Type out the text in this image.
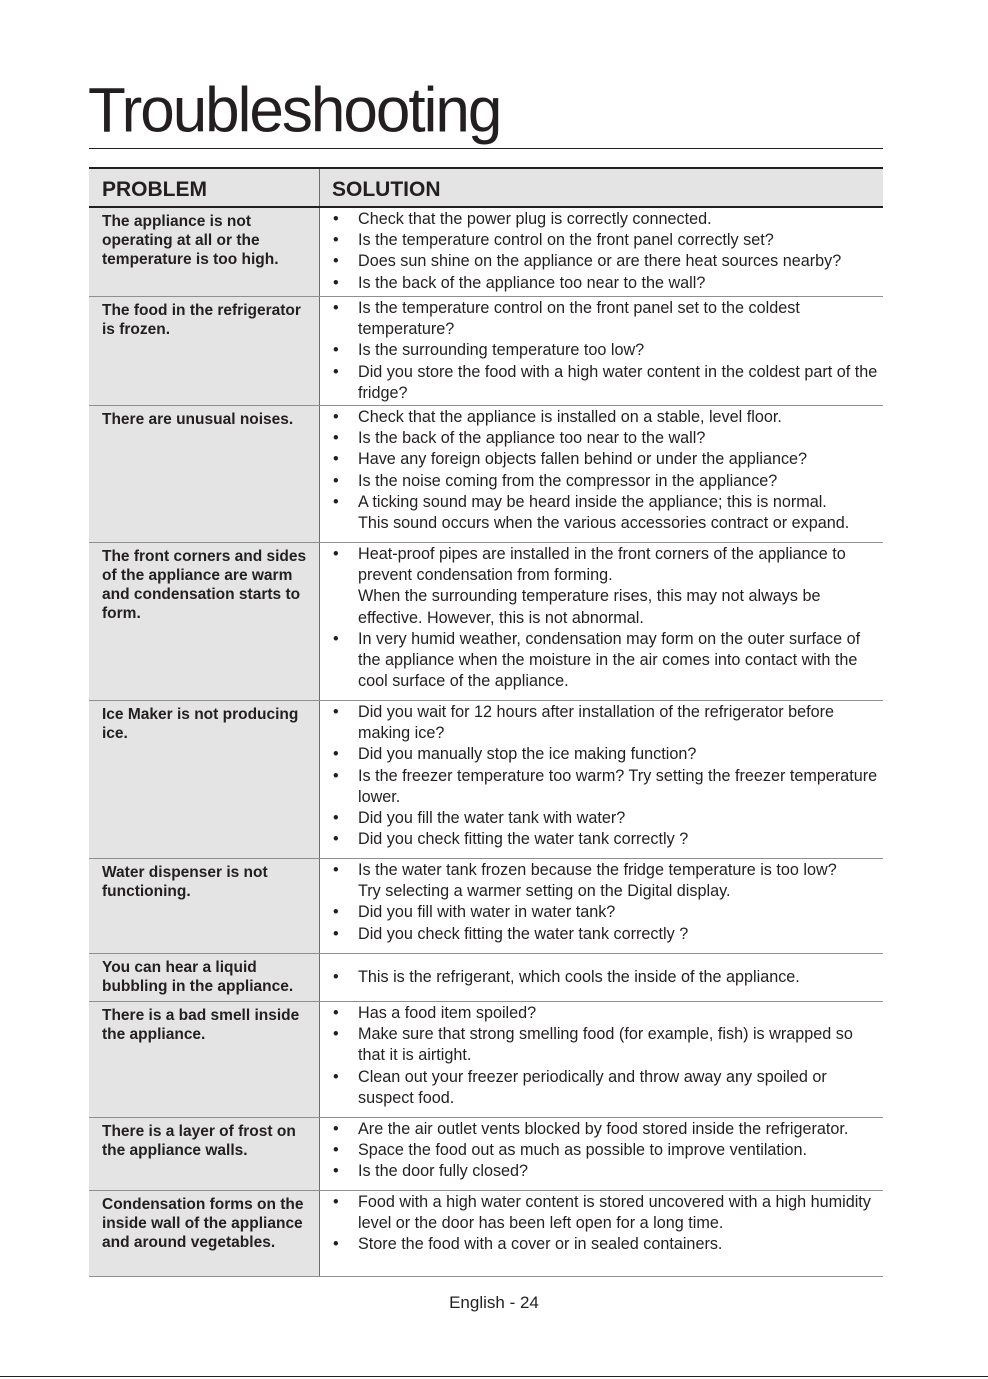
Troubleshooting
PROBLEM	SOLUTION
The appliance is not operating at all or the temperature is too high.
• Check that the power plug is correctly connected.
• Is the temperature control on the front panel correctly set?
• Does sun shine on the appliance or are there heat sources nearby?
• Is the back of the appliance too near to the wall?
The food in the refrigerator is frozen.
• Is the temperature control on the front panel set to the coldest temperature?
• Is the surrounding temperature too low?
• Did you store the food with a high water content in the coldest part of the fridge?
There are unusual noises.
•	Check that the appliance is installed on a stable, level floor.
• Is the back of the appliance too near to the wall?
• Have any foreign objects fallen behind or under the appliance?
• Is the noise coming from the compressor in the appliance?
• A ticking sound may be heard inside the appliance; this is normal.
This sound occurs when the various accessories contract or expand.
The front corners and sides of the appliance are warm and condensation starts to form.
• Heat-proof pipes are installed in the front corners of the appliance to prevent condensation from forming.
When the surrounding temperature rises, this may not always be effective. However, this is not abnormal.
• In very humid weather, condensation may form on the outer surface of the appliance when the moisture in the air comes into contact with the cool surface of the appliance.
Ice Maker is not producing ice.
• Did you wait for 12 hours after installation of the refrigerator before making ice?
• Did you manually stop the ice making function?
• Is the freezer temperature too warm? Try setting the freezer temperature lower.
• Did you fill the water tank with water?
• Did you check fitting the water tank correctly ?
Water dispenser is not functioning.
• Is the water tank frozen because the fridge temperature is too low?
Try selecting a warmer setting on the Digital display.
• Did you fill with water in water tank?
• Did you check fitting the water tank correctly ?
You can hear a liquid bubbling in the appliance.
• This is the refrigerant, which cools the inside of the appliance.
There is a bad smell inside the appliance.
• Has a food item spoiled?
• Make sure that strong smelling food (for example, fish) is wrapped so that it is airtight.
• Clean out your freezer periodically and throw away any spoiled or suspect food.
There is a layer of frost on the appliance walls.
• Are the air outlet vents blocked by food stored inside the refrigerator.
• Space the food out as much as possible to improve ventilation.
• Is the door fully closed?
Condensation forms on the inside wall of the appliance and around vegetables.
• Food with a high water content is stored uncovered with a high humidity level or the door has been left open for a long time.
• Store the food with a cover or in sealed containers.
English - 24
